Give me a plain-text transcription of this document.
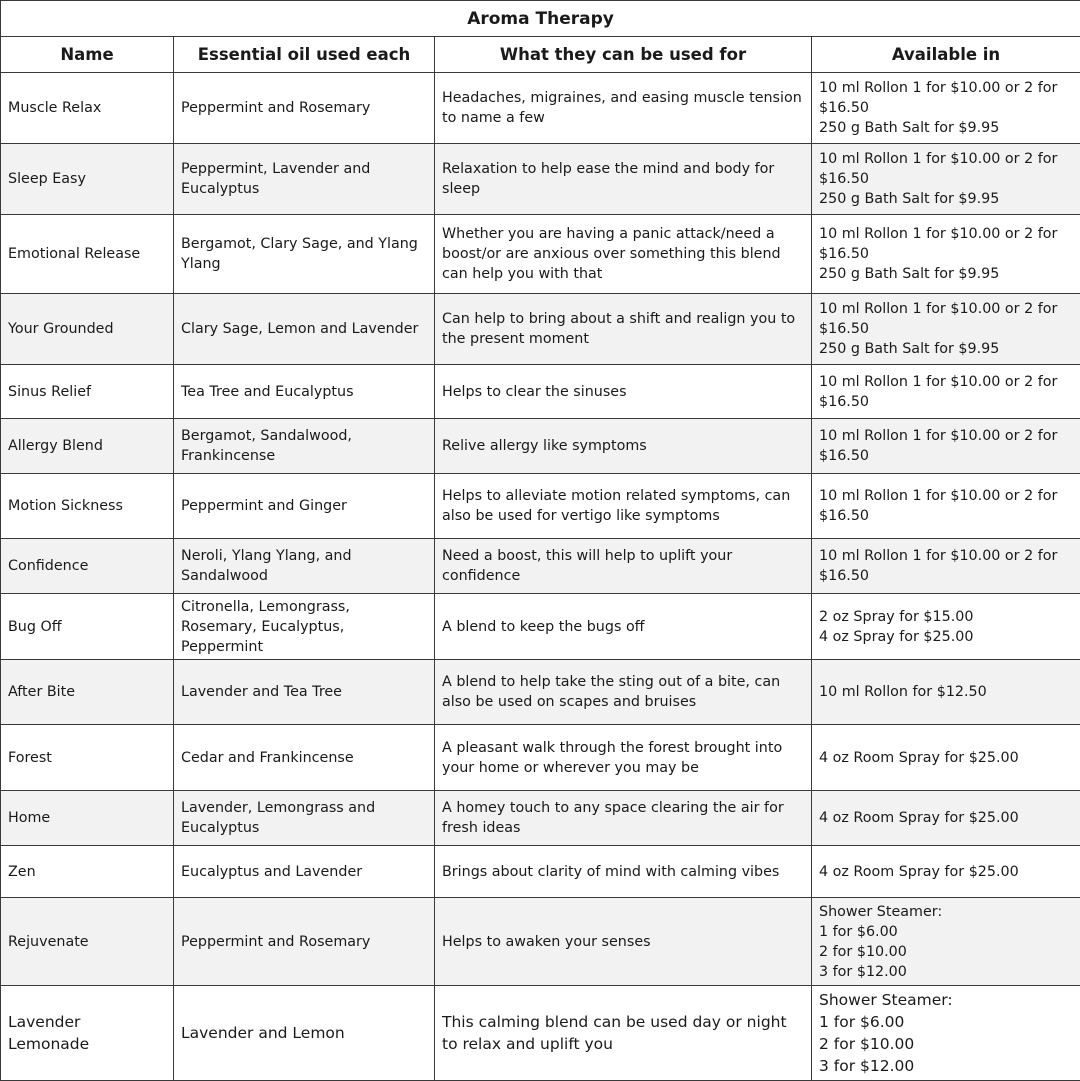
Aroma Therapy			
Name	Essential oil used each	What they can be used for	Available in
Muscle Relax	Peppermint and Rosemary	Headaches, migraines, and easing muscle tension to name a few	10 ml Rollon 1 for $10.00 or 2 for $16.50
250 g Bath Salt for $9.95
Sleep Easy	Peppermint, Lavender and Eucalyptus	Relaxation to help ease the mind and body for sleep	10 ml Rollon 1 for $10.00 or 2 for $16.50
250 g Bath Salt for $9.95
Emotional Release	Bergamot, Clary Sage, and Ylang Ylang	Whether you are having a panic attack/need a boost/or are anxious over something this blend can help you with that	10 ml Rollon 1 for $10.00 or 2 for $16.50
250 g Bath Salt for $9.95
Your Grounded	Clary Sage, Lemon and Lavender	Can help to bring about a shift and realign you to the present moment	10 ml Rollon 1 for $10.00 or 2 for $16.50
250 g Bath Salt for $9.95
Sinus Relief	Tea Tree and Eucalyptus	Helps to clear the sinuses	10 ml Rollon 1 for $10.00 or 2 for $16.50
Allergy Blend	Bergamot, Sandalwood, Frankincense	Relive allergy like symptoms	10 ml Rollon 1 for $10.00 or 2 for $16.50
Motion Sickness	Peppermint and Ginger	Helps to alleviate motion related symptoms, can also be used for vertigo like symptoms	10 ml Rollon 1 for $10.00 or 2 for $16.50
Confidence	Neroli, Ylang Ylang, and Sandalwood	Need a boost, this will help to uplift your confidence	10 ml Rollon 1 for $10.00 or 2 for $16.50
Bug Off	Citronella, Lemongrass, Rosemary, Eucalyptus, Peppermint	A blend to keep the bugs off	2 oz Spray for $15.00
4 oz Spray for $25.00
After Bite	Lavender and Tea Tree	A blend to help take the sting out of a bite, can also be used on scapes and bruises	10 ml Rollon for $12.50
Forest	Cedar and Frankincense	A pleasant walk through the forest brought into your home or wherever you may be	4 oz Room Spray for $25.00
Home	Lavender, Lemongrass and Eucalyptus	A homey touch to any space clearing the air for fresh ideas	4 oz Room Spray for $25.00
Zen	Eucalyptus and Lavender	Brings about clarity of mind with calming vibes	4 oz Room Spray for $25.00
Rejuvenate	Peppermint and Rosemary	Helps to awaken your senses	Shower Steamer:
1 for $6.00
2 for $10.00
3 for $12.00
Lavender Lemonade	Lavender and Lemon	This calming blend can be used day or night to relax and uplift you	Shower Steamer:
1 for $6.00
2 for $10.00
3 for $12.00
